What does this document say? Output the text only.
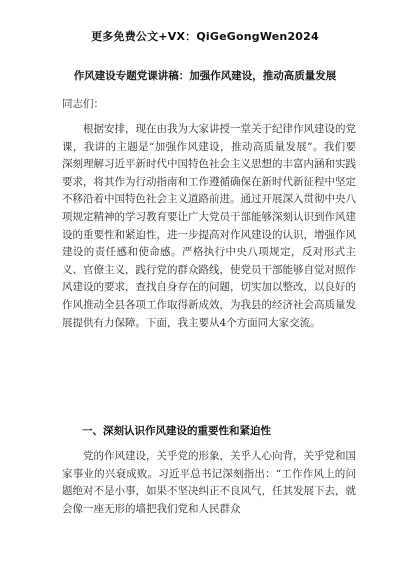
更多免费公文+VX：QiGeGongWen2024
作风建设专题党课讲稿：加强作风建设，推动高质量发展
同志们：
根据安排，现在由我为大家讲授一堂关于纪律作风建设的党课，我讲的主题是“加强作风建设，推动高质量发展”。我们要深刻理解习近平新时代中国特色社会主义思想的丰富内涵和实践要求，将其作为行动指南和工作遵循确保在新时代新征程中坚定不移沿着中国特色社会主义道路前进。通过开展深入贯彻中央八项规定精神的学习教育要让广大党员干部能够深刻认识到作风建设的重要性和紧迫性，进一步提高对作风建设的认识，增强作风建设的责任感和使命感。严格执行中央八项规定，反对形式主义、官僚主义，践行党的群众路线，使党员干部能够自觉对照作风建设的要求，查找自身存在的问题，切实加以整改，以良好的作风推动全县各项工作取得新成效，为我县的经济社会高质量发展提供有力保障。下面，我主要从4个方面同大家交流。
一、深刻认识作风建设的重要性和紧迫性
党的作风建设，关乎党的形象，关乎人心向背，关乎党和国家事业的兴衰成败。习近平总书记深刻指出：“工作作风上的问题绝对不是小事，如果不坚决纠正不良风气，任其发展下去，就会像一座无形的墙把我们党和人民群众
